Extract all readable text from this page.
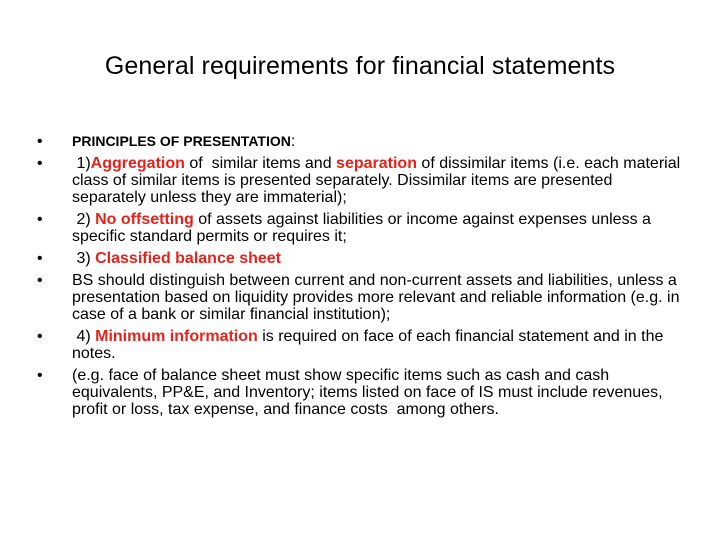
General requirements for financial statements
• PRINCIPLES OF PRESENTATION:
• 1)Aggregation of  similar items and separation of dissimilar items (i.e. each material class of similar items is presented separately. Dissimilar items are presented separately unless they are immaterial);
• 2) No offsetting of assets against liabilities or income against expenses unless a specific standard permits or requires it;
• 3) Classified balance sheet
• BS should distinguish between current and non-current assets and liabilities, unless a presentation based on liquidity provides more relevant and reliable information (e.g. in case of a bank or similar financial institution);
• 4) Minimum information is required on face of each financial statement and in the notes.
• (e.g. face of balance sheet must show specific items such as cash and cash equivalents, PP&E, and Inventory; items listed on face of IS must include revenues, profit or loss, tax expense, and finance costs  among others.
